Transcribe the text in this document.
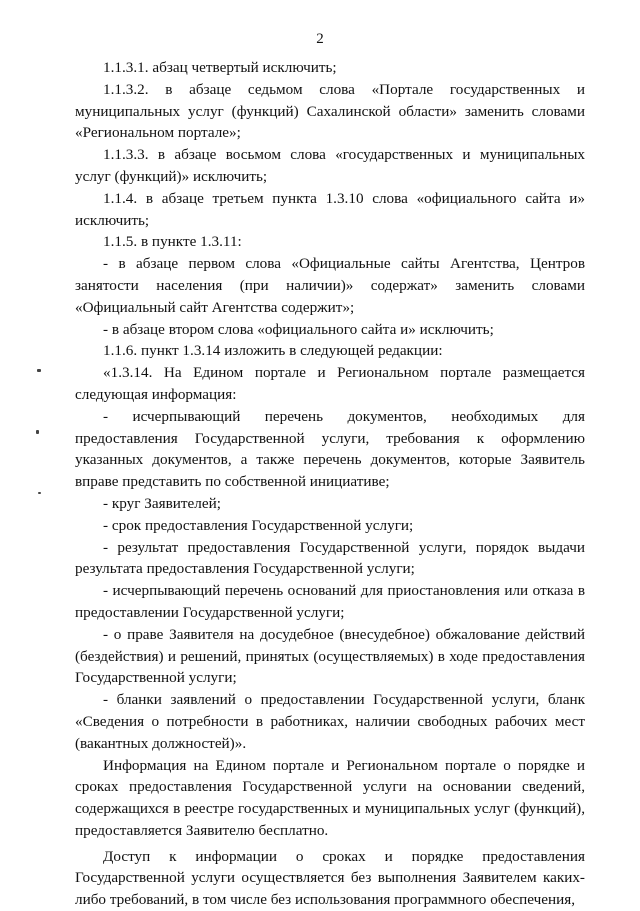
2

1.1.3.1. абзац четвертый исключить;

1.1.3.2. в абзаце седьмом слова «Портале государственных и муниципальных услуг (функций) Сахалинской области» заменить словами «Региональном портале»;

1.1.3.3. в абзаце восьмом слова «государственных и муниципальных услуг (функций)» исключить;

1.1.4. в абзаце третьем пункта 1.3.10 слова «официального сайта и» исключить;

1.1.5. в пункте 1.3.11:

- в абзаце первом слова «Официальные сайты Агентства, Центров занятости населения (при наличии)» содержат» заменить словами «Официальный сайт Агентства содержит»;

- в абзаце втором слова «официального сайта и» исключить;

1.1.6. пункт 1.3.14 изложить в следующей редакции:

«1.3.14. На Едином портале и Региональном портале размещается следующая информация:

- исчерпывающий перечень документов, необходимых для предоставления Государственной услуги, требования к оформлению указанных документов, а также перечень документов, которые Заявитель вправе представить по собственной инициативе;

- круг Заявителей;

- срок предоставления Государственной услуги;

- результат предоставления Государственной услуги, порядок выдачи результата предоставления Государственной услуги;

- исчерпывающий перечень оснований для приостановления или отказа в предоставлении Государственной услуги;

- о праве Заявителя на досудебное (внесудебное) обжалование действий (бездействия) и решений, принятых (осуществляемых) в ходе предоставления Государственной услуги;

- бланки заявлений о предоставлении Государственной услуги, бланк «Сведения о потребности в работниках, наличии свободных рабочих мест (вакантных должностей)».

Информация на Едином портале и Региональном портале о порядке и сроках предоставления Государственной услуги на основании сведений, содержащихся в реестре государственных и муниципальных услуг (функций), предоставляется Заявителю бесплатно.

Доступ к информации о сроках и порядке предоставления Государственной услуги осуществляется без выполнения Заявителем каких-либо требований, в том числе без использования программного обеспечения,
